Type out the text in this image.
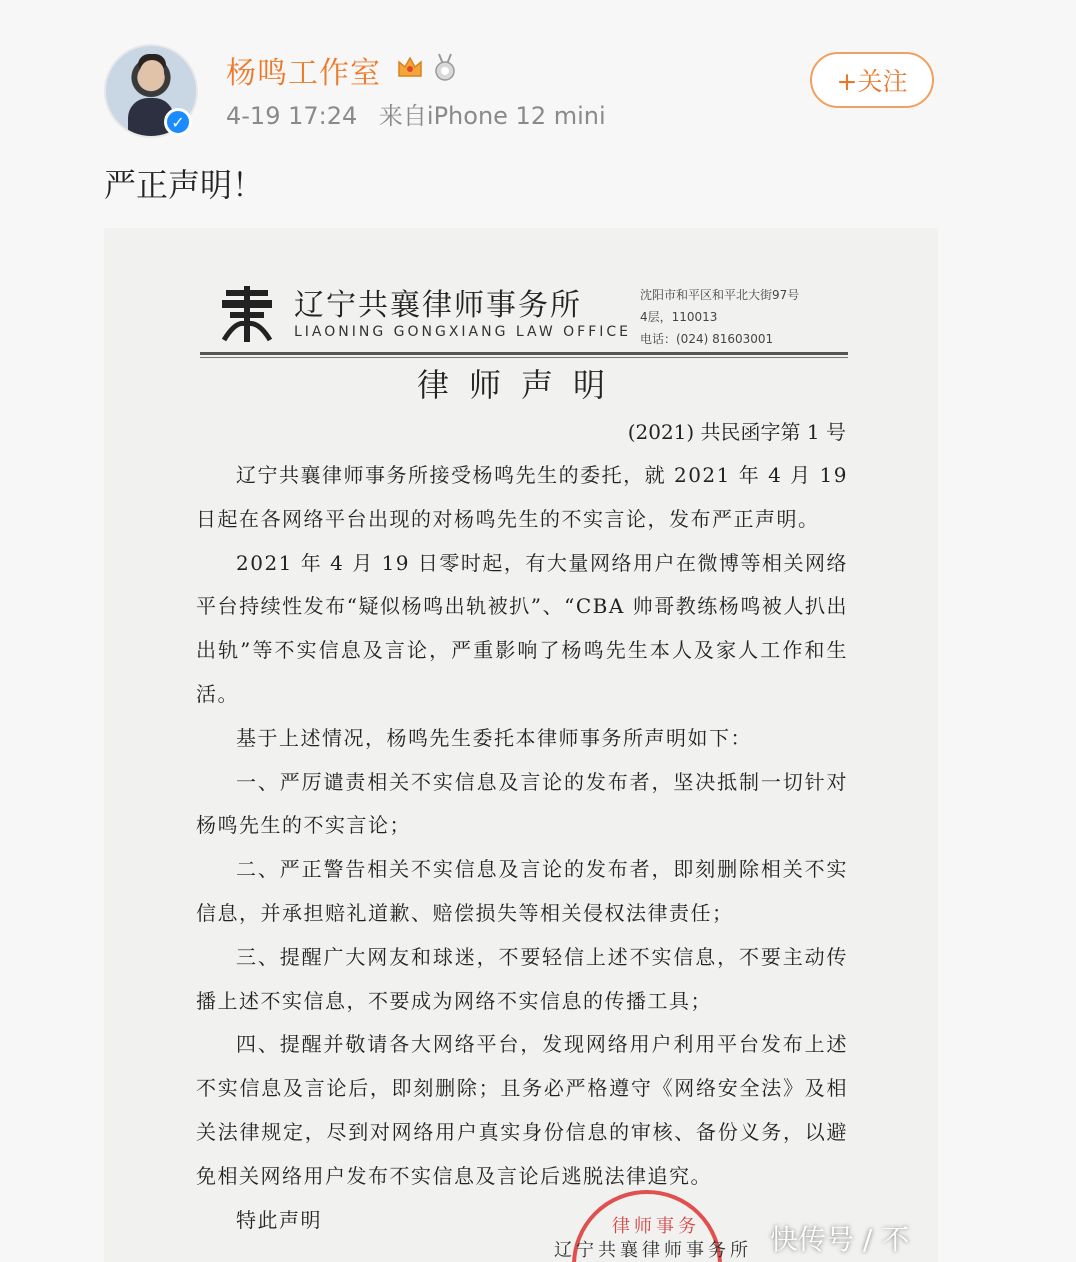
✓
杨鸣工作室
4-19 17:24 来自iPhone 12 mini
+关注
严正声明！
辽宁共襄律师事务所
LIAONING GONGXIANG LAW OFFICE
沈阳市和平区和平北大街97号
4层，110013
电话：(024) 81603001
律师声明
(2021) 共民函字第 1 号

辽宁共襄律师事务所接受杨鸣先生的委托，就 2021 年 4 月 19 日起在各网络平台出现的对杨鸣先生的不实言论，发布严正声明。

2021 年 4 月 19 日零时起，有大量网络用户在微博等相关网络平台持续性发布“疑似杨鸣出轨被扒”、“CBA 帅哥教练杨鸣被人扒出出轨”等不实信息及言论，严重影响了杨鸣先生本人及家人工作和生活。

基于上述情况，杨鸣先生委托本律师事务所声明如下：

一、严厉谴责相关不实信息及言论的发布者，坚决抵制一切针对杨鸣先生的不实言论；

二、严正警告相关不实信息及言论的发布者，即刻删除相关不实信息，并承担赔礼道歉、赔偿损失等相关侵权法律责任；

三、提醒广大网友和球迷，不要轻信上述不实信息，不要主动传播上述不实信息，不要成为网络不实信息的传播工具；

四、提醒并敬请各大网络平台，发现网络用户利用平台发布上述不实信息及言论后，即刻删除；且务必严格遵守《网络安全法》及相关法律规定，尽到对网络用户真实身份信息的审核、备份义务，以避免相关网络用户发布不实信息及言论后逃脱法律追究。

特此声明	律师事务
辽宁共襄律师事务所 快传号 / 不
